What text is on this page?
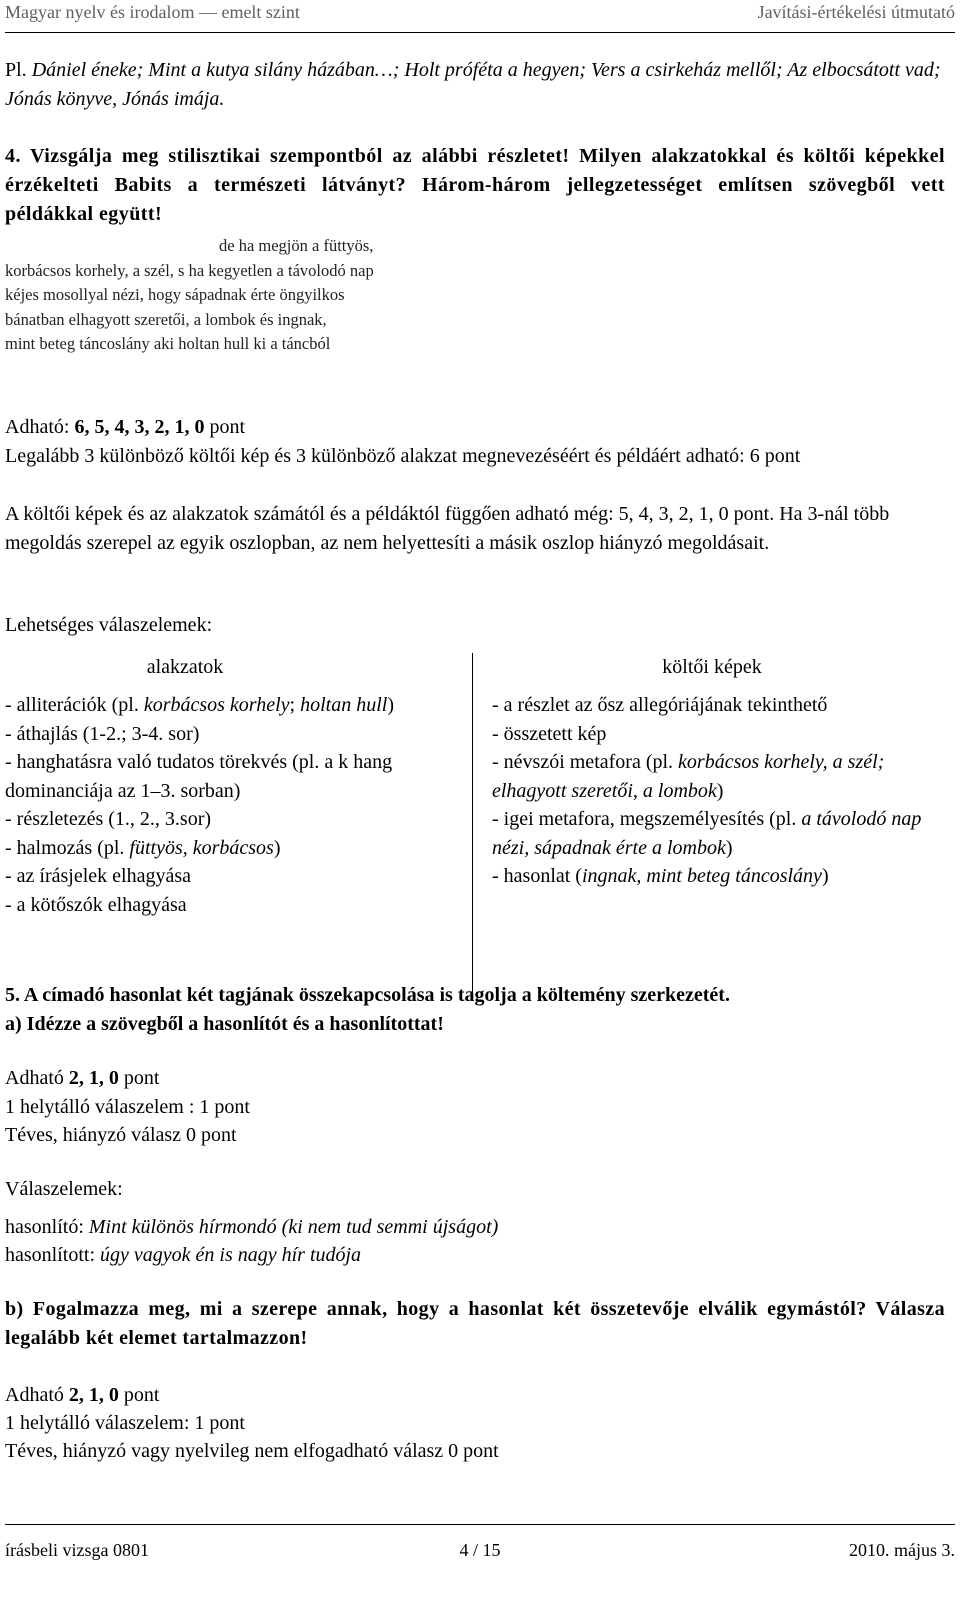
Magyar nyelv és irodalom — emelt szint	Javítási-értékelési útmutató

Pl. Dániel éneke; Mint a kutya silány házában…; Holt próféta a hegyen; Vers a csirkeház mellől; Az elbocsátott vad; Jónás könyve, Jónás imája.

4. Vizsgálja meg stilisztikai szempontból az alábbi részletet! Milyen alakzatokkal és költői képekkel érzékelteti Babits a természeti látványt? Három-három jellegzetességet említsen szövegből vett példákkal együtt!

de ha megjön a füttyös,
korbácsos korhely, a szél, s ha kegyetlen a távolodó nap
kéjes mosollyal nézi, hogy sápadnak érte öngyilkos
bánatban elhagyott szeretői, a lombok és ingnak,
mint beteg táncoslány aki holtan hull ki a táncból

Adható: 6, 5, 4, 3, 2, 1, 0 pont

Legalább 3 különböző költői kép és 3 különböző alakzat megnevezéséért és példáért adható: 6 pont

A költői képek és az alakzatok számától és a példáktól függően adható még: 5, 4, 3, 2, 1, 0 pont. Ha 3-nál több megoldás szerepel az egyik oszlopban, az nem helyettesíti a másik oszlop hiányzó megoldásait.

Lehetséges válaszelemek:

alakzatok
- alliterációk (pl. korbácsos korhely; holtan hull)
- áthajlás (1-2.; 3-4. sor)
- hanghatásra való tudatos törekvés (pl. a k hang dominanciája az 1–3. sorban)
- részletezés (1., 2., 3.sor)
- halmozás (pl. füttyös, korbácsos)
- az írásjelek elhagyása
- a kötőszók elhagyása
költői képek
- a részlet az ősz allegóriájának tekinthető
- összetett kép
- névszói metafora (pl. korbácsos korhely, a szél; elhagyott szeretői, a lombok)
- igei metafora, megszemélyesítés (pl. a távolodó nap nézi, sápadnak érte a lombok)
- hasonlat (ingnak, mint beteg táncoslány)

5. A címadó hasonlat két tagjának összekapcsolása is tagolja a költemény szerkezetét.

a) Idézze a szövegből a hasonlítót és a hasonlítottat!

Adható 2, 1, 0 pont

1 helytálló válaszelem : 1 pont

Téves, hiányzó válasz 0 pont

Válaszelemek:

hasonlító: Mint különös hírmondó (ki nem tud semmi újságot)

hasonlított: úgy vagyok én is nagy hír tudója

b) Fogalmazza meg, mi a szerepe annak, hogy a hasonlat két összetevője elválik egymástól? Válasza legalább két elemet tartalmazzon!

Adható 2, 1, 0 pont

1 helytálló válaszelem: 1 pont

Téves, hiányzó vagy nyelvileg nem elfogadható válasz 0 pont

írásbeli vizsga 0801	4 / 15	2010. május 3.
